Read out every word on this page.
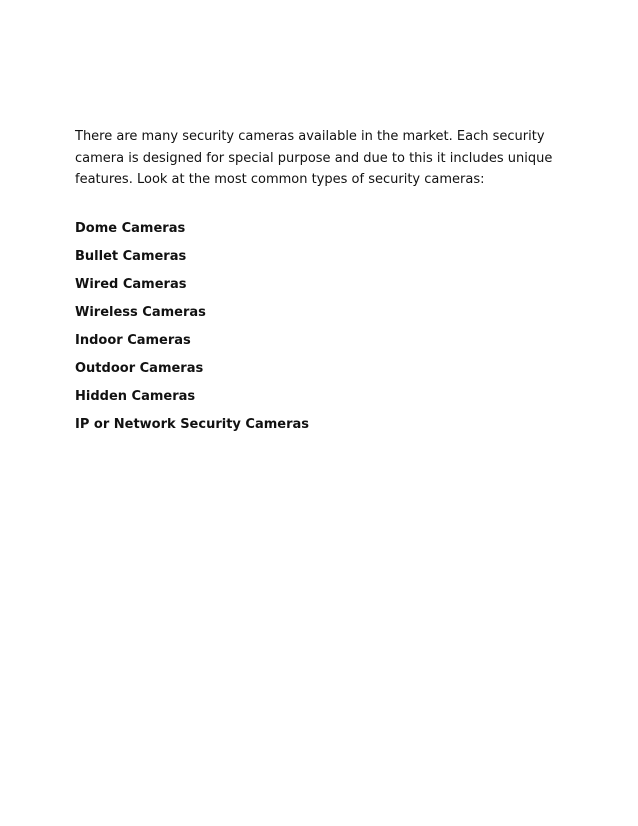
There are many security cameras available in the market. Each security
camera is designed for special purpose and due to this it includes unique
features. Look at the most common types of security cameras:

Dome Cameras
Bullet Cameras
Wired Cameras
Wireless Cameras
Indoor Cameras
Outdoor Cameras
Hidden Cameras
IP or Network Security Cameras
